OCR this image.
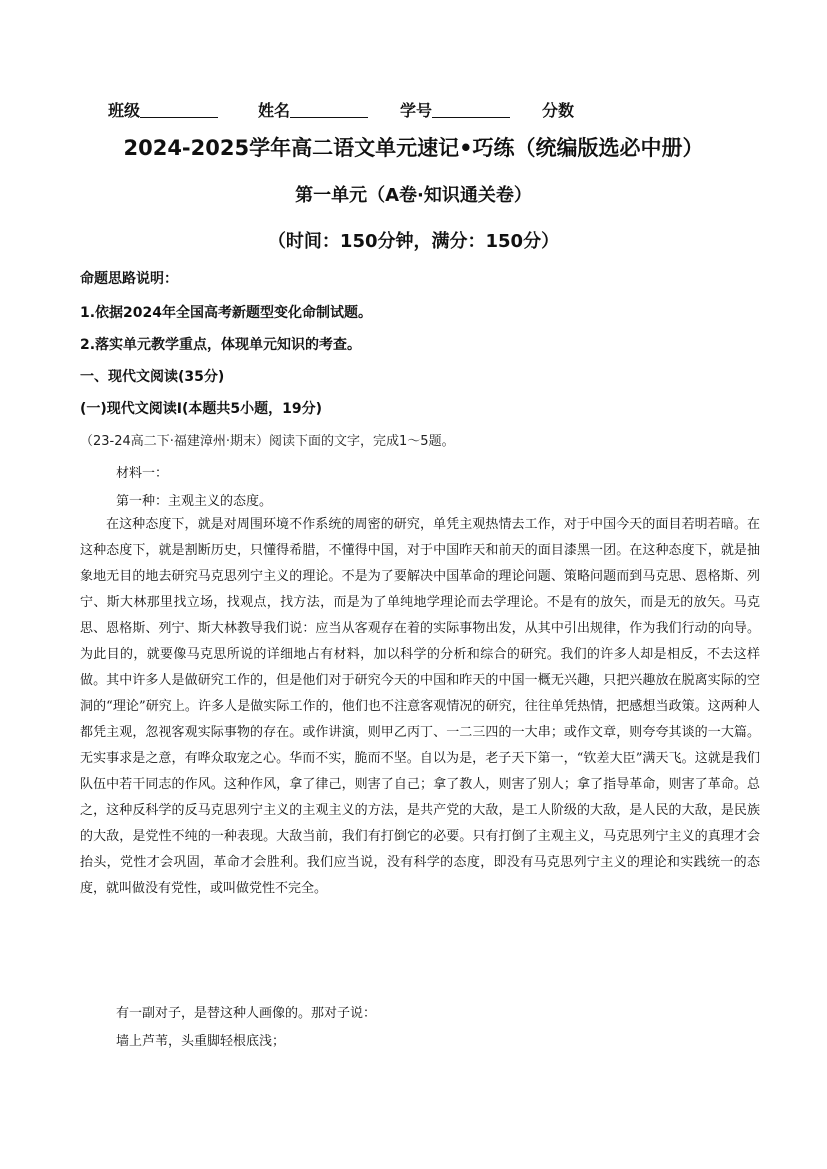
班级	姓名	学号	分数
2024-2025学年高二语文单元速记•巧练（统编版选必中册）
第一单元（A卷·知识通关卷）
（时间：150分钟，满分：150分）
命题思路说明：
1.依据2024年全国高考新题型变化命制试题。
2.落实单元教学重点，体现单元知识的考查。
一、现代文阅读(35分)
(一)现代文阅读Ⅰ(本题共5小题，19分)
（23-24高二下·福建漳州·期末）阅读下面的文字，完成1～5题。
材料一：
第一种：主观主义的态度。

在这种态度下，就是对周围环境不作系统的周密的研究，单凭主观热情去工作，对于中国今天的面目若明若暗。在这种态度下，就是割断历史，只懂得希腊，不懂得中国，对于中国昨天和前天的面目漆黑一团。在这种态度下，就是抽象地无目的地去研究马克思列宁主义的理论。不是为了要解决中国革命的理论问题、策略问题而到马克思、恩格斯、列宁、斯大林那里找立场，找观点，找方法，而是为了单纯地学理论而去学理论。不是有的放矢，而是无的放矢。马克思、恩格斯、列宁、斯大林教导我们说：应当从客观存在着的实际事物出发，从其中引出规律，作为我们行动的向导。为此目的，就要像马克思所说的详细地占有材料，加以科学的分析和综合的研究。我们的许多人却是相反，不去这样做。其中许多人是做研究工作的，但是他们对于研究今天的中国和昨天的中国一概无兴趣，只把兴趣放在脱离实际的空洞的“理论”研究上。许多人是做实际工作的，他们也不注意客观情况的研究，往往单凭热情，把感想当政策。这两种人都凭主观，忽视客观实际事物的存在。或作讲演，则甲乙丙丁、一二三四的一大串；或作文章，则夸夸其谈的一大篇。无实事求是之意，有哗众取宠之心。华而不实，脆而不坚。自以为是，老子天下第一，“钦差大臣”满天飞。这就是我们队伍中若干同志的作风。这种作风，拿了律己，则害了自己；拿了教人，则害了别人；拿了指导革命，则害了革命。总之，这种反科学的反马克思列宁主义的主观主义的方法，是共产党的大敌，是工人阶级的大敌，是人民的大敌，是民族的大敌，是党性不纯的一种表现。大敌当前，我们有打倒它的必要。只有打倒了主观主义，马克思列宁主义的真理才会抬头，党性才会巩固，革命才会胜利。我们应当说，没有科学的态度，即没有马克思列宁主义的理论和实践统一的态度，就叫做没有党性，或叫做党性不完全。

有一副对子，是替这种人画像的。那对子说：
墙上芦苇，头重脚轻根底浅；
